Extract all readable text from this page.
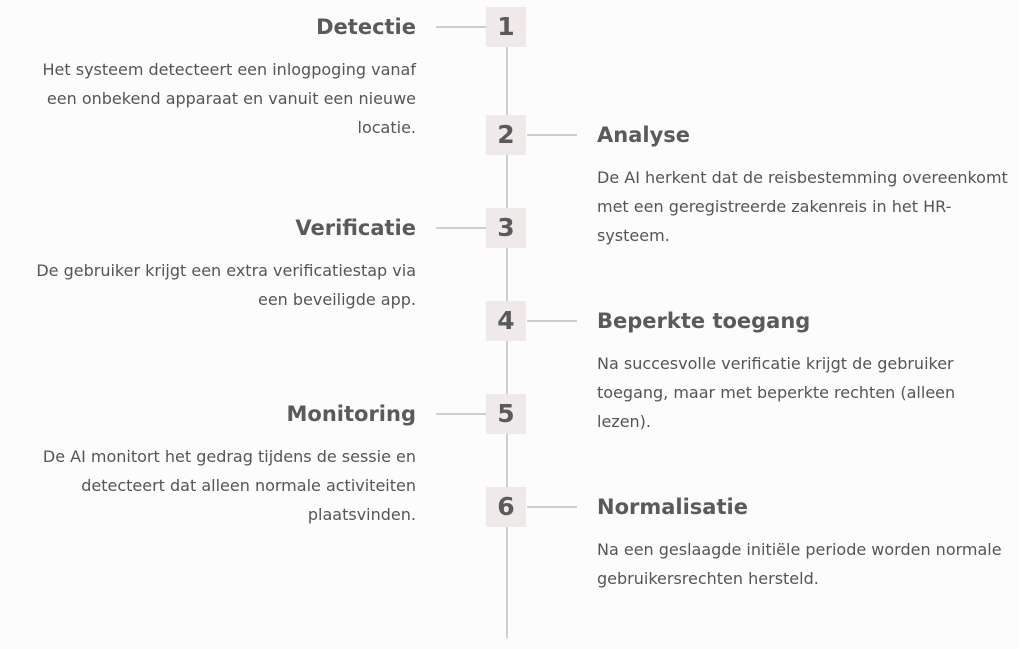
1
Detectie
Het systeem detecteert een inlogpoging vanaf een onbekend apparaat en vanuit een nieuwe locatie.	2	Analyse
De AI herkent dat de reisbestemming overeenkomt met een geregistreerde zakenreis in het HR-systeem.
3
Verificatie
De gebruiker krijgt een extra verificatiestap via een beveiligde app.
4	Beperkte toegang
Na succesvolle verificatie krijgt de gebruiker toegang, maar met beperkte rechten (alleen lezen).
5
Monitoring
De AI monitort het gedrag tijdens de sessie en detecteert dat alleen normale activiteiten plaatsvinden.	6	Normalisatie
Na een geslaagde initiële periode worden normale gebruikersrechten hersteld.
